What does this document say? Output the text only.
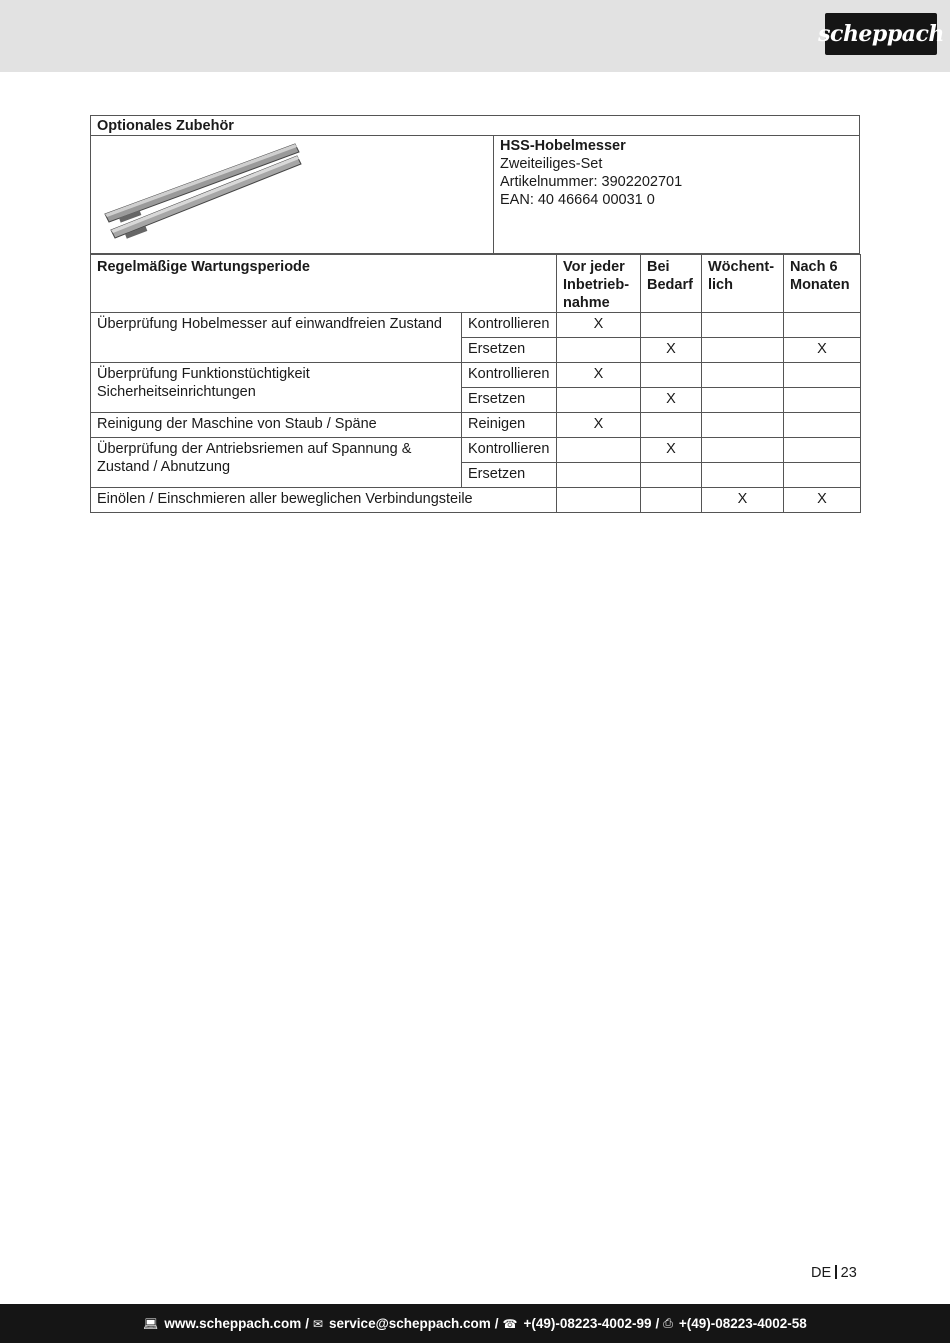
scheppach
Optionales Zubehör

HSS-Hobelmesser
Zweiteiliges-Set
Artikelnummer: 3902202701
EAN: 40 46664 00031 0
Regelmäßige Wartungsperiode		Vor jeder Inbetrieb-nahme	Bei Bedarf	Wöchent-lich	Nach 6 Monaten
Überprüfung Hobelmesser auf einwandfreien Zustand	Kontrollieren	X			
	Ersetzen		X		X
Überprüfung Funktionstüchtigkeit Sicherheitseinrichtungen	Kontrollieren	X			
	Ersetzen		X		
Reinigung der Maschine von Staub / Späne	Reinigen	X			
Überprüfung der Antriebsriemen auf Spannung & Zustand / Abnutzung	Kontrollieren		X		
	Ersetzen				
Einölen / Einschmieren aller beweglichen Verbindungsteile				X	X
DE 23
💻︎ www.scheppach.com / ✉ service@scheppach.com / ☎ +(49)-08223-4002-99 / ⎙ +(49)-08223-4002-58
